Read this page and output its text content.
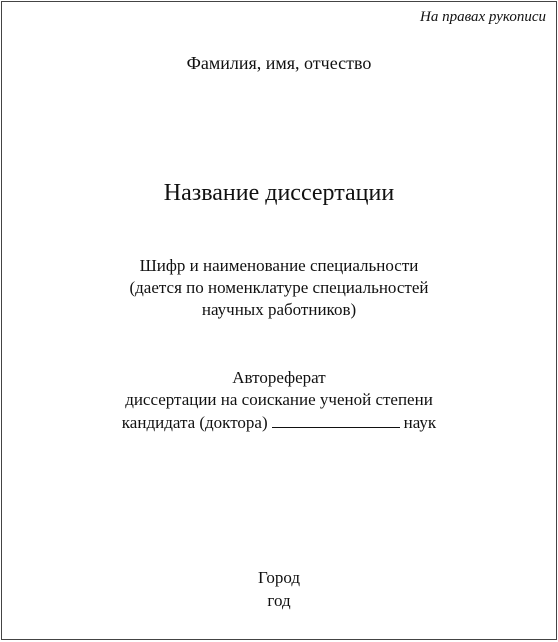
На правах рукописи
Фамилия, имя, отчество
Название диссертации
Шифр и наименование специальности
(дается по номенклатуре специальностей
научных работников)
Автореферат
диссертации на соискание ученой степени
кандидата (доктора)	наук
Город
год
